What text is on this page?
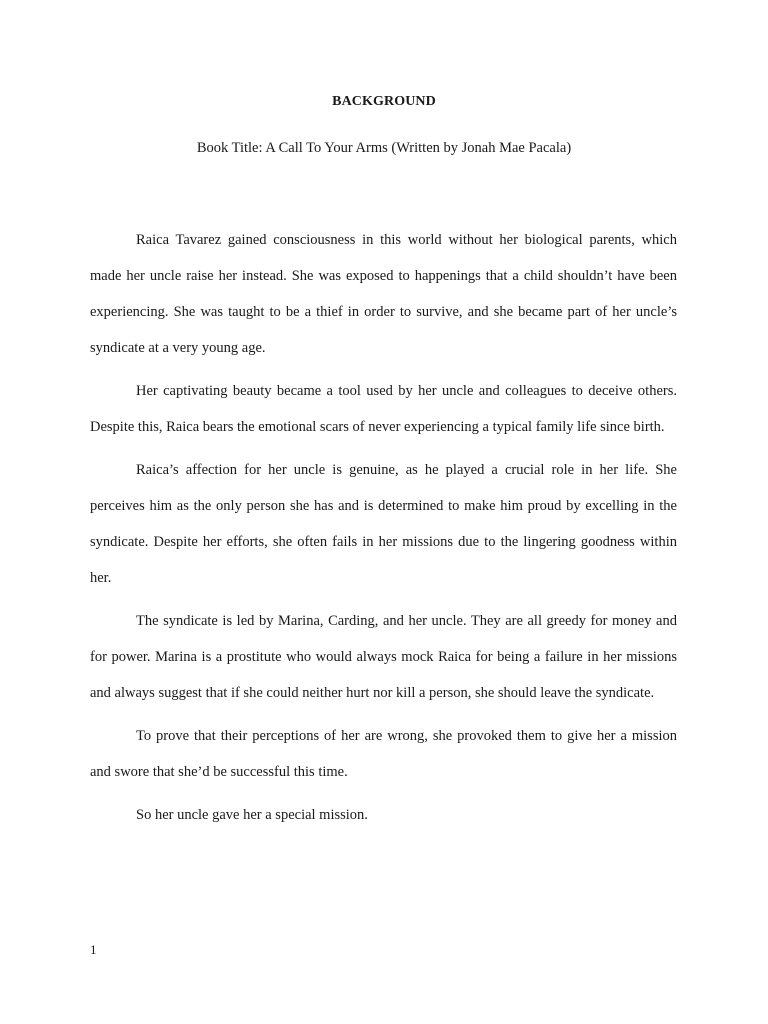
BACKGROUND

Book Title: A Call To Your Arms (Written by Jonah Mae Pacala)

Raica Tavarez gained consciousness in this world without her biological parents, which made her uncle raise her instead. She was exposed to happenings that a child shouldn’t have been experiencing. She was taught to be a thief in order to survive, and she became part of her uncle’s syndicate at a very young age.

Her captivating beauty became a tool used by her uncle and colleagues to deceive others. Despite this, Raica bears the emotional scars of never experiencing a typical family life since birth.

Raica’s affection for her uncle is genuine, as he played a crucial role in her life. She perceives him as the only person she has and is determined to make him proud by excelling in the syndicate. Despite her efforts, she often fails in her missions due to the lingering goodness within her.

The syndicate is led by Marina, Carding, and her uncle. They are all greedy for money and for power. Marina is a prostitute who would always mock Raica for being a failure in her missions and always suggest that if she could neither hurt nor kill a person, she should leave the syndicate.

To prove that their perceptions of her are wrong, she provoked them to give her a mission and swore that she’d be successful this time.

So her uncle gave her a special mission.

1
